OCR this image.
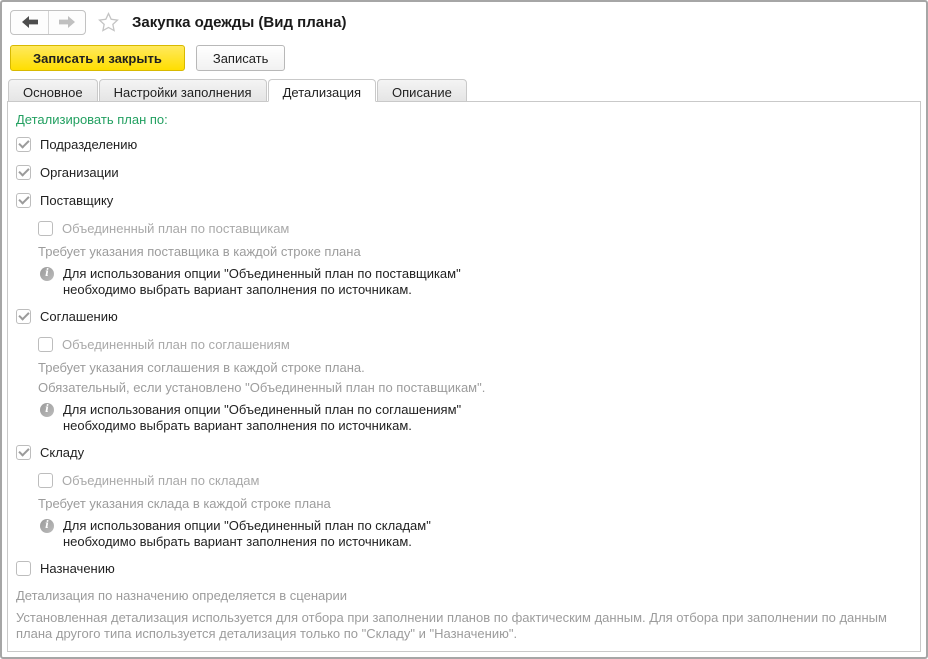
Закупка одежды (Вид плана)
Записать и закрыть	Записать
Основное	Настройки заполнения	Детализация	Описание
Детализировать план по:
Подразделению
Организации
Поставщику
Объединенный план по поставщикам
Требует указания поставщика в каждой строке плана
i	Для использования опции "Объединенный план по поставщикам"
необходимо выбрать вариант заполнения по источникам.
Соглашению
Объединенный план по соглашениям
Требует указания соглашения в каждой строке плана.
Обязательный, если установлено "Объединенный план по поставщикам".
i	Для использования опции "Объединенный план по соглашениям"
необходимо выбрать вариант заполнения по источникам.
Складу
Объединенный план по складам
Требует указания склада в каждой строке плана
i	Для использования опции "Объединенный план по складам"
необходимо выбрать вариант заполнения по источникам.
Назначению
Детализация по назначению определяется в сценарии
Установленная детализация используется для отбора при заполнении планов по фактическим данным. Для отбора при заполнении по данным плана другого типа используется детализация только по "Складу" и "Назначению".
